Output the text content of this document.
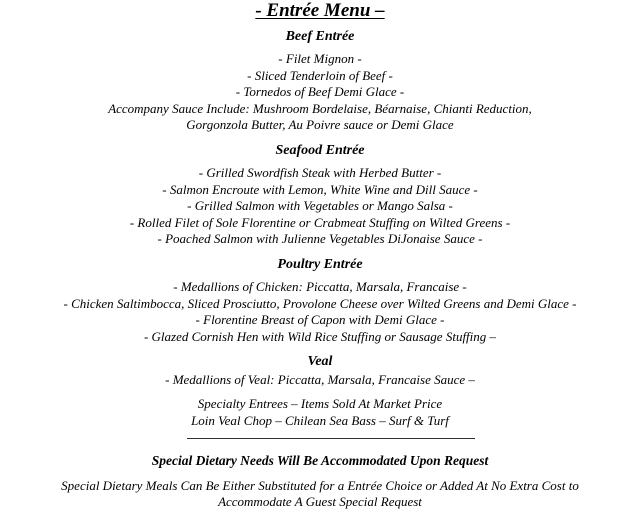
- Entrée Menu –
Beef Entrée
- Filet Mignon -
- Sliced Tenderloin of Beef -
- Tornedos of Beef Demi Glace -
Accompany Sauce Include: Mushroom Bordelaise, Béarnaise, Chianti Reduction,
Gorgonzola Butter, Au Poivre sauce or Demi Glace
Seafood Entrée
- Grilled Swordfish Steak with Herbed Butter -
- Salmon Encroute with Lemon, White Wine and Dill Sauce -
- Grilled Salmon with Vegetables or Mango Salsa -
- Rolled Filet of Sole Florentine or Crabmeat Stuffing on Wilted Greens -
- Poached Salmon with Julienne Vegetables DiJonaise Sauce -
Poultry Entrée
- Medallions of Chicken: Piccatta, Marsala, Francaise -
- Chicken Saltimbocca, Sliced Prosciutto, Provolone Cheese over Wilted Greens and Demi Glace -
- Florentine Breast of Capon with Demi Glace -
- Glazed Cornish Hen with Wild Rice Stuffing or Sausage Stuffing –
Veal
- Medallions of Veal: Piccatta, Marsala, Francaise Sauce –
Specialty Entrees – Items Sold At Market Price
Loin Veal Chop – Chilean Sea Bass – Surf & Turf
Special Dietary Needs Will Be Accommodated Upon Request
Special Dietary Meals Can Be Either Substituted for a Entrée Choice or Added At No Extra Cost to
Accommodate A Guest Special Request
